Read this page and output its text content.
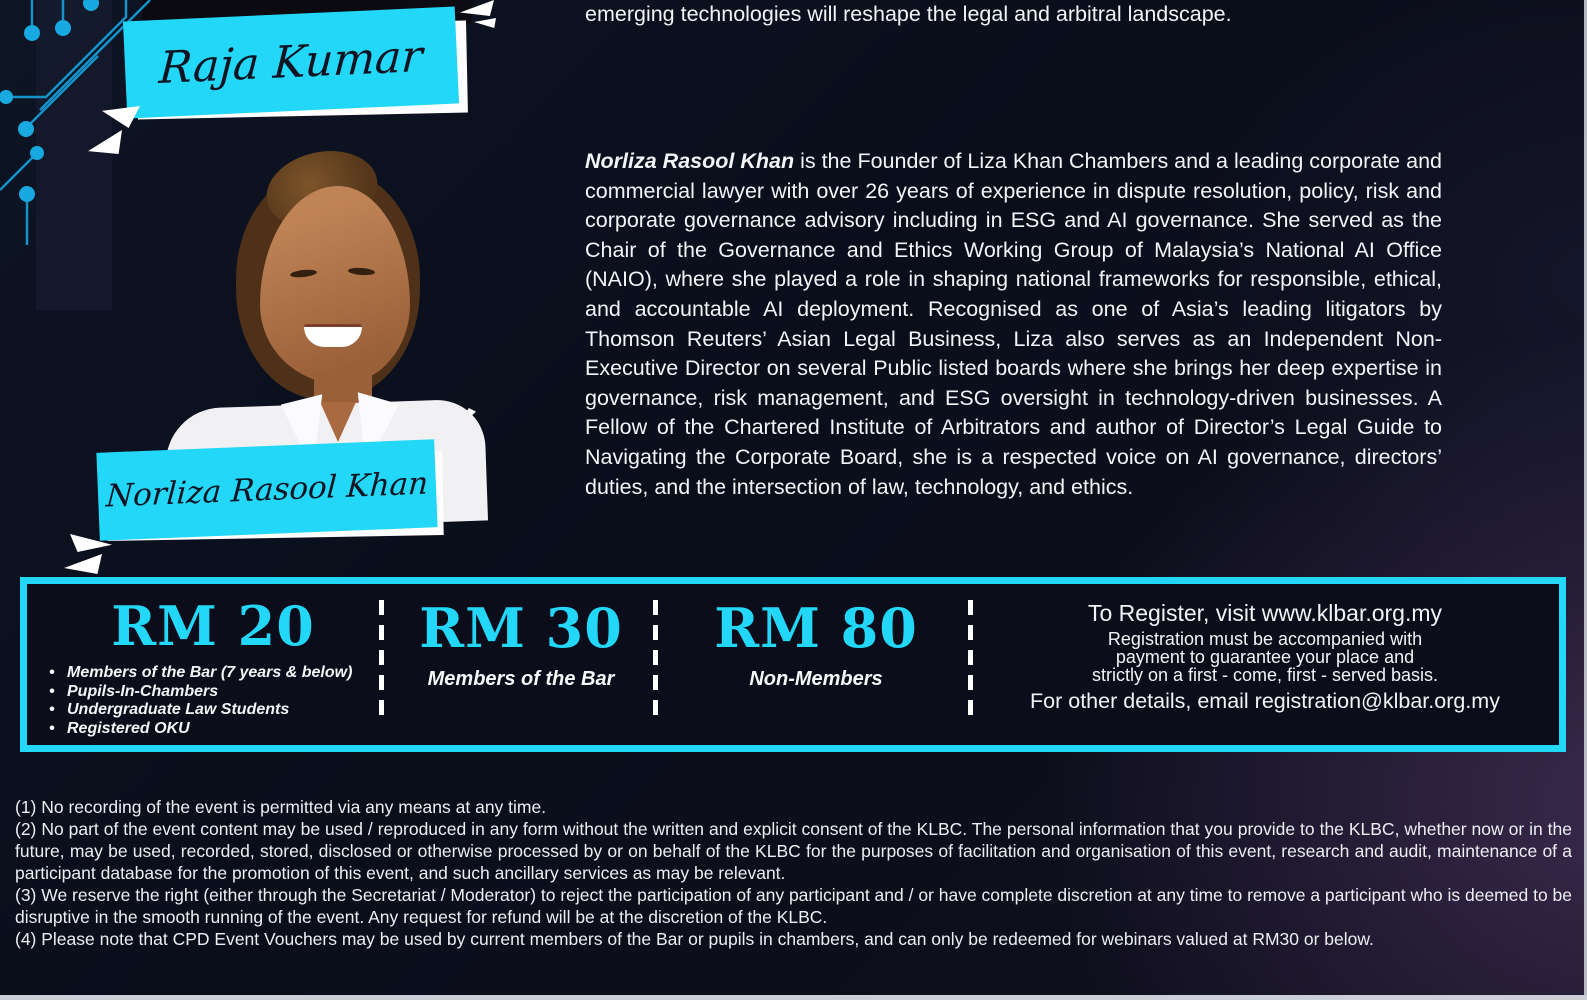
Raja Kumar
Norliza Rasool Khan
emerging technologies will reshape the legal and arbitral landscape.
Norliza Rasool Khan is the Founder of Liza Khan Chambers and a leading corporate and commercial lawyer with over 26 years of experience in dispute resolution, policy, risk and corporate governance advisory including in ESG and AI governance. She served as the Chair of the Governance and Ethics Working Group of Malaysia’s National AI Office (NAIO), where she played a role in shaping national frameworks for responsible, ethical, and accountable AI deployment. Recognised as one of Asia’s leading litigators by Thomson Reuters’ Asian Legal Business, Liza also serves as an Independent Non-Executive Director on several Public listed boards where she brings her deep expertise in governance, risk management, and ESG oversight in technology-driven businesses. A Fellow of the Chartered Institute of Arbitrators and author of Director’s Legal Guide to Navigating the Corporate Board, she is a respected voice on AI governance, directors’ duties, and the intersection of law, technology, and ethics.
RM 20
• Members of the Bar (7 years & below)
• Pupils-In-Chambers
• Undergraduate Law Students
• Registered OKU
RM 30
Members of the Bar
RM 80
Non-Members
To Register, visit www.klbar.org.my
Registration must be accompanied with
payment to guarantee your place and
strictly on a first - come, first - served basis.
For other details, email registration@klbar.org.my

(1) No recording of the event is permitted via any means at any time.

(2) No part of the event content may be used / reproduced in any form without the written and explicit consent of the KLBC. The personal information that you provide to the KLBC, whether now or in the future, may be used, recorded, stored, disclosed or otherwise processed by or on behalf of the KLBC for the purposes of facilitation and organisation of this event, research and audit, maintenance of a participant database for the promotion of this event, and such ancillary services as may be relevant.

(3) We reserve the right (either through the Secretariat / Moderator) to reject the participation of any participant and / or have complete discretion at any time to remove a participant who is deemed to be disruptive in the smooth running of the event. Any request for refund will be at the discretion of the KLBC.

(4) Please note that CPD Event Vouchers may be used by current members of the Bar or pupils in chambers, and can only be redeemed for webinars valued at RM30 or below.
